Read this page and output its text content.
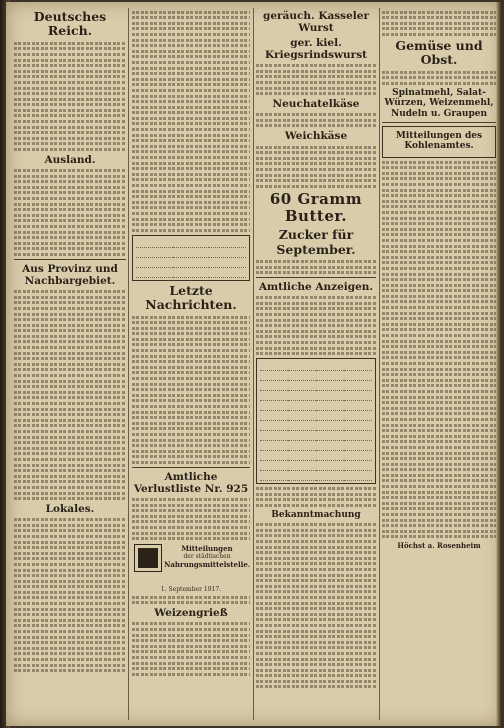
Deutsches Reich.
Ausland.
Aus Provinz und Nachbargebiet.
Lokales.

Letzte Nachrichten.
Amtliche Verlustliste Nr. 925
Mitteilungen
der städtischen
Nahrungsmittelstelle.
1. September 1917.
Weizengrieß
geräuch. Kasseler Wurst
ger. kiel. Kriegsrindswurst
Neuchatelkäse
Weichkäse
60 Gramm Butter.
Zucker für September.
Amtliche Anzeigen.

Bekanntmachung
Gemüse und Obst.
Spinatmehl, Salat- Würzen, Weizenmehl, Nudeln u. Graupen
Mitteilungen des Kohlenamtes.
Höchst a. Rosenheim
